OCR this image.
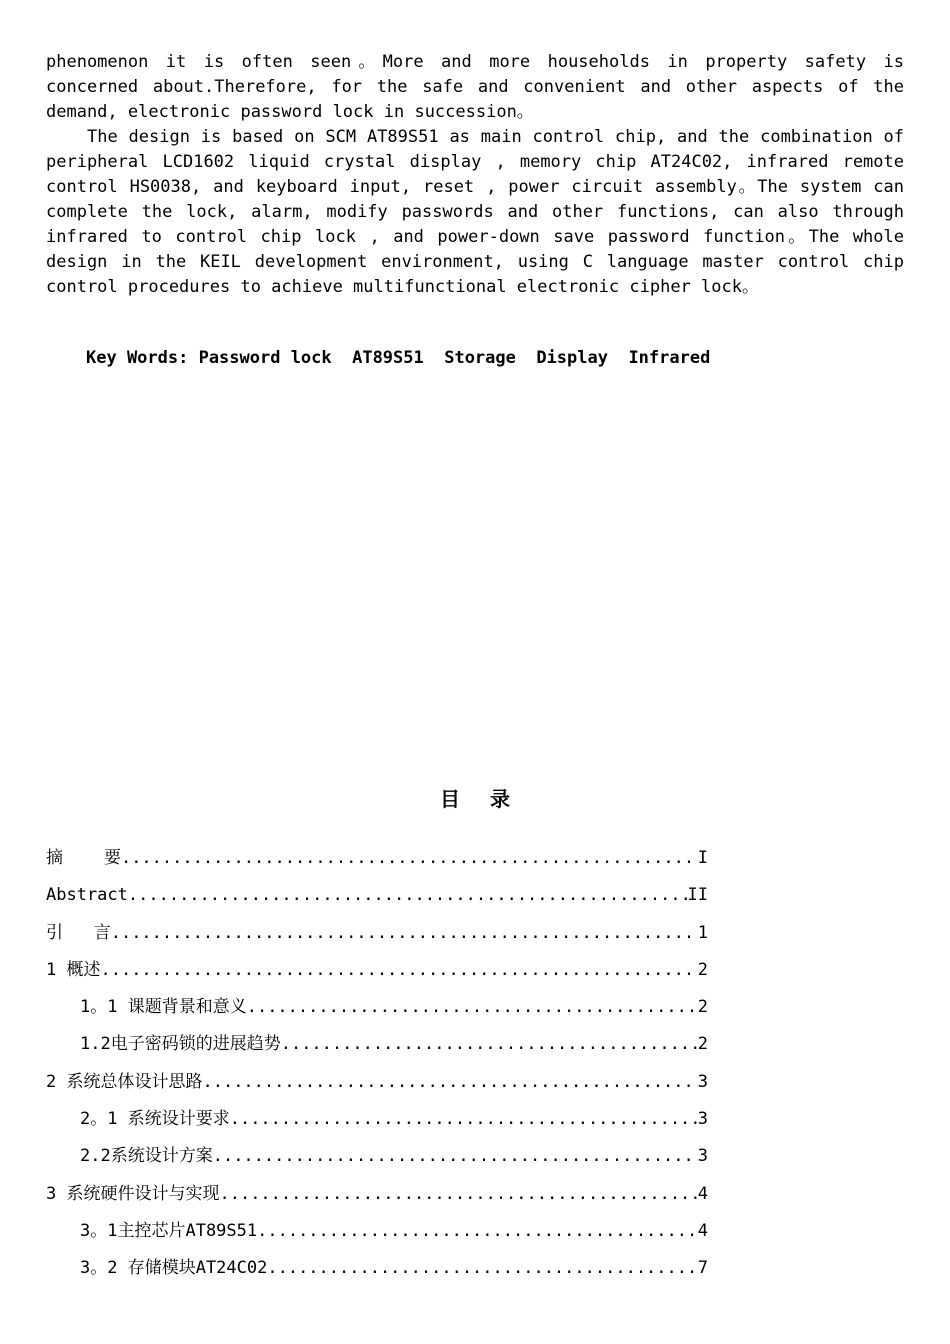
phenomenon it is often seen。More and more households in property safety is concerned about.Therefore, for the safe and convenient and other aspects of the demand, electronic password lock in succession。

The design is based on SCM AT89S51 as main control chip, and the combination of peripheral LCD1602 liquid crystal display , memory chip AT24C02, infrared remote control HS0038, and keyboard input, reset , power circuit assembly。The system can complete the lock, alarm, modify passwords and other functions, can also through infrared to control chip lock , and power-down save password function。The whole design in the KEIL development environment, using C language master control chip control procedures to achieve multifunctional electronic cipher lock。

Key Words: Password lock  AT89S51  Storage  Display  Infrared
目录
摘    要 .....	I
Abstract .....	II
引   言 .....	1
1 概述 .....	2
1。1 课题背景和意义 .....	2
1.2电子密码锁的进展趋势 .....	2
2 系统总体设计思路 .....	3
2。1 系统设计要求 .....	3
2.2系统设计方案 .....	3
3 系统硬件设计与实现 .....	4
3。1主控芯片AT89S51 .....	4
3。2 存储模块AT24C02 .....	7
